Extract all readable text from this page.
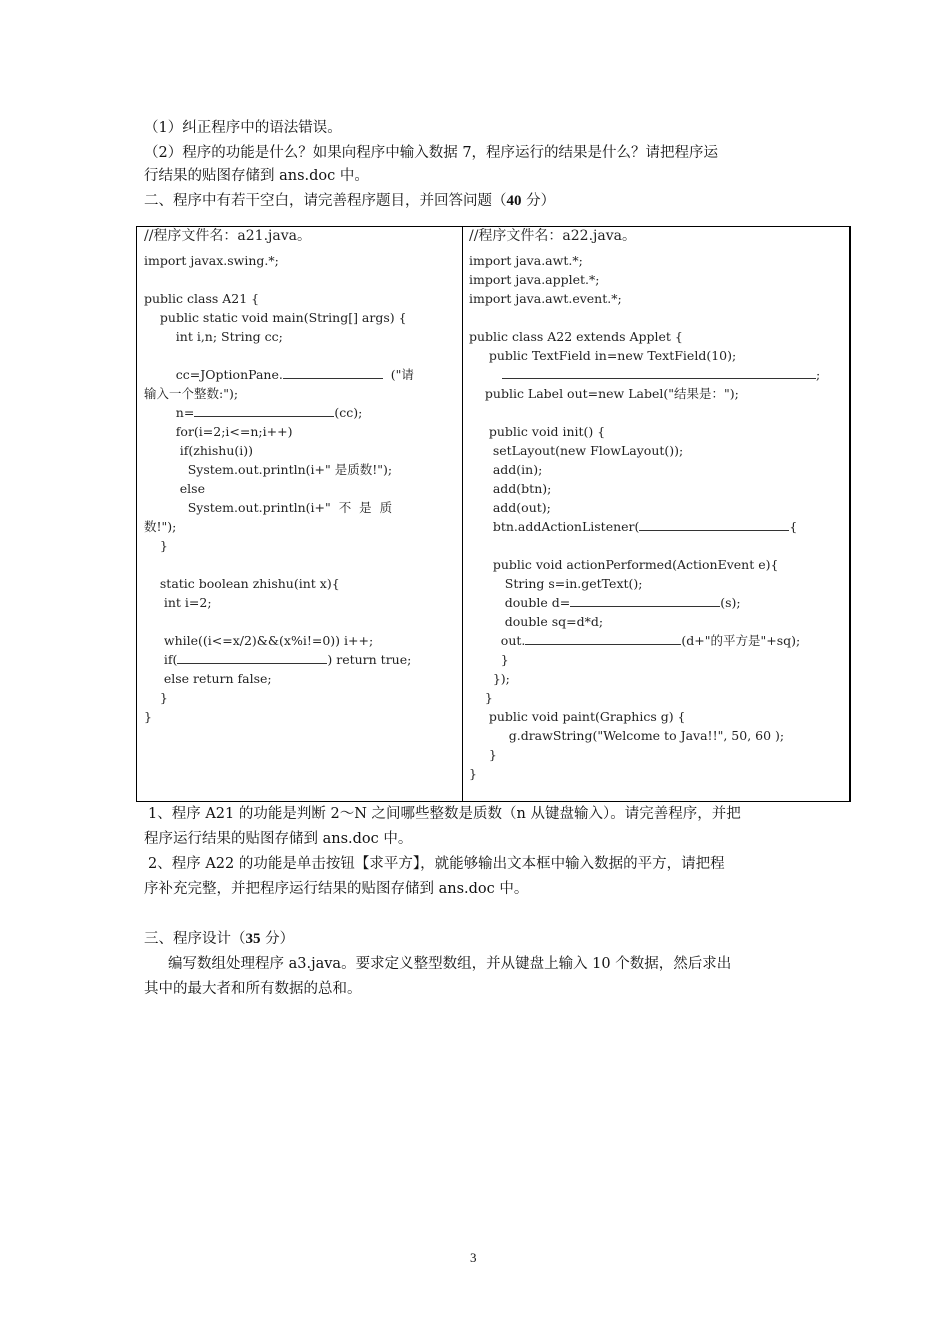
（1）纠正程序中的语法错误。
（2）程序的功能是什么？如果向程序中输入数据 7，程序运行的结果是什么？请把程序运
行结果的贴图存储到 ans.doc 中。
二、程序中有若干空白，请完善程序题目，并回答问题（40 分）
//程序文件名：a21.java。
import javax.swing.*;
public class A21 {
public static void main(String[] args) {
int i,n; String cc;
cc=JOptionPane.	("请
输入一个整数:");
n=	(cc);
for(i=2;i<=n;i++)
if(zhishu(i))
System.out.println(i+" 是质数!");
else
System.out.println(i+"  不  是  质
数!");
}
static boolean zhishu(int x){
int i=2;
while((i<=x/2)&&(x%i!=0)) i++;
if(	) return true;
else return false;
}
}

//程序文件名：a22.java。
import java.awt.*;
import java.applet.*;
import java.awt.event.*;
public class A22 extends Applet {
public TextField in=new TextField(10);
;
public Label out=new Label("结果是：");
public void init() {
setLayout(new FlowLayout());
add(in);
add(btn);
add(out);
btn.addActionListener(	{
public void actionPerformed(ActionEvent e){
String s=in.getText();
double d=	(s);
double sq=d*d;
out.	(d+"的平方是"+sq);
}
});
}
public void paint(Graphics g) {
g.drawString("Welcome to Java!!", 50, 60 );
}
}
1、程序 A21 的功能是判断 2～N 之间哪些整数是质数（n 从键盘输入）。请完善程序，并把
程序运行结果的贴图存储到 ans.doc 中。
2、程序 A22 的功能是单击按钮【求平方】，就能够输出文本框中输入数据的平方，请把程
序补充完整，并把程序运行结果的贴图存储到 ans.doc 中。
三、程序设计（35 分）
编写数组处理程序 a3.java。要求定义整型数组，并从键盘上输入 10 个数据，然后求出
其中的最大者和所有数据的总和。
3
